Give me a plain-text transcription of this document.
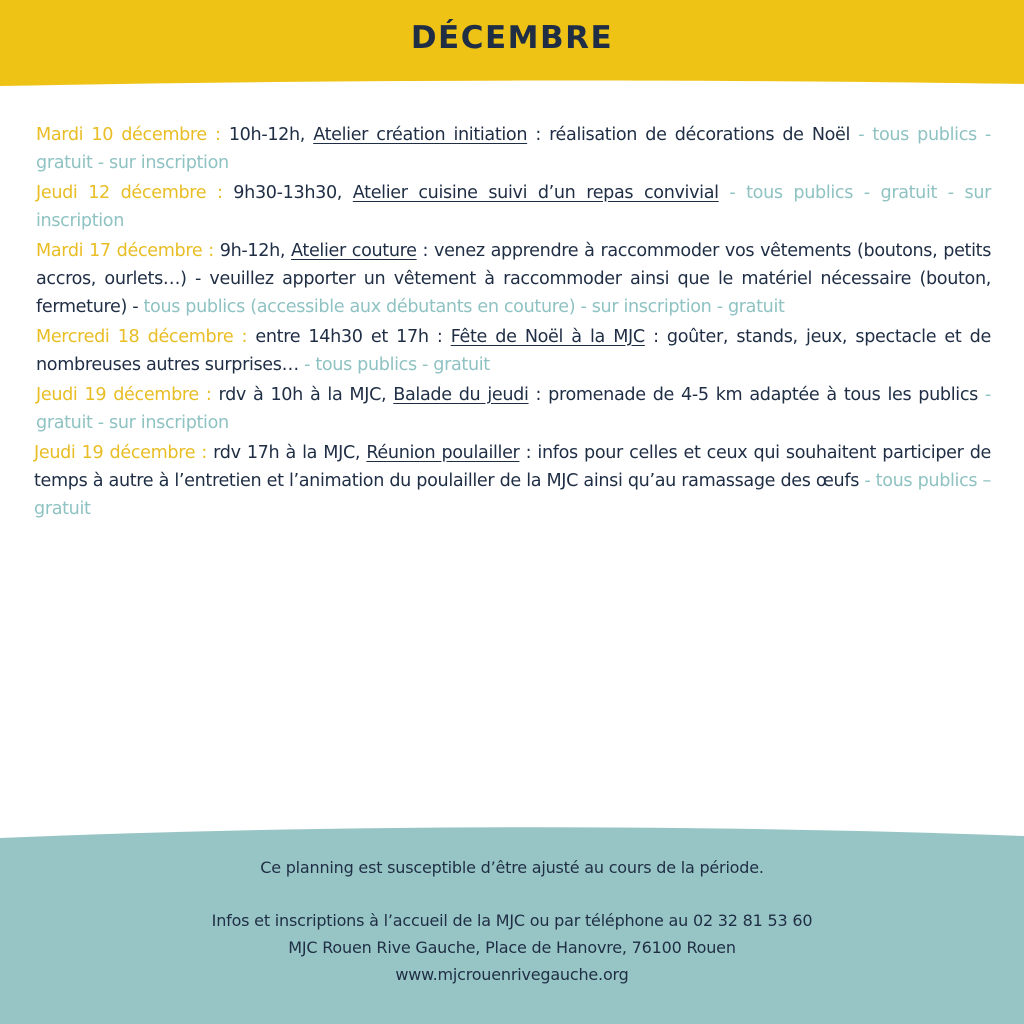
DÉCEMBRE

Mardi 10 décembre : 10h-12h, Atelier création initiation : réalisation de décorations de Noël - tous publics - gratuit - sur inscription

Jeudi 12 décembre : 9h30-13h30, Atelier cuisine suivi d’un repas convivial - tous publics - gratuit - sur inscription

Mardi 17 décembre : 9h-12h, Atelier couture : venez apprendre à raccommoder vos vêtements (boutons, petits accros, ourlets…) - veuillez apporter un vêtement à raccommoder ainsi que le matériel nécessaire (bouton, fermeture) - tous publics (accessible aux débutants en couture) - sur inscription - gratuit

Mercredi 18 décembre : entre 14h30 et 17h : Fête de Noël à la MJC : goûter, stands, jeux, spectacle et de nombreuses autres surprises… - tous publics - gratuit

Jeudi 19 décembre : rdv à 10h à la MJC, Balade du jeudi : promenade de 4-5 km adaptée à tous les publics - gratuit - sur inscription

Jeudi 19 décembre : rdv 17h à la MJC, Réunion poulailler : infos pour celles et ceux qui souhaitent participer de temps à autre à l’entretien et l’animation du poulailler de la MJC ainsi qu’au ramassage des œufs - tous publics – gratuit

Ce planning est susceptible d’être ajusté au cours de la période.
Infos et inscriptions à l’accueil de la MJC ou par téléphone au 02 32 81 53 60
MJC Rouen Rive Gauche, Place de Hanovre, 76100 Rouen
www.mjcrouenrivegauche.org
